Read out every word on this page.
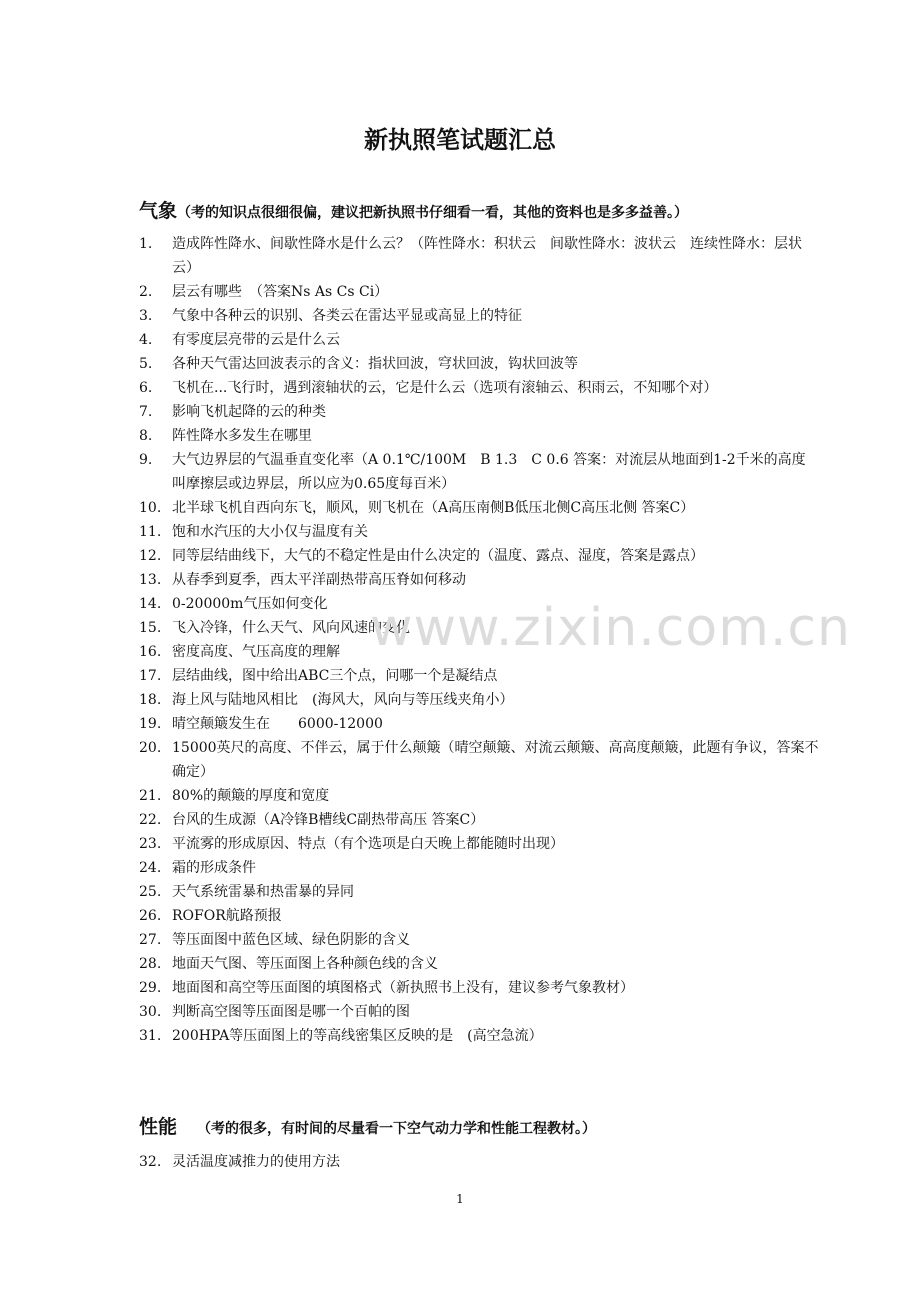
新执照笔试题汇总
气象（考的知识点很细很偏，建议把新执照书仔细看一看，其他的资料也是多多益善。）
1.	造成阵性降水、间歇性降水是什么云？（阵性降水：积状云　间歇性降水：波状云　连续性降水：层状云）
2.	层云有哪些　（答案Ns As Cs Ci）
3.	气象中各种云的识别、各类云在雷达平显或高显上的特征
4.	有零度层亮带的云是什么云
5.	各种天气雷达回波表示的含义：指状回波，穹状回波，钩状回波等
6.	飞机在...飞行时，遇到滚轴状的云，它是什么云（选项有滚轴云、积雨云，不知哪个对）
7.	影响飞机起降的云的种类
8.	阵性降水多发生在哪里
9.	大气边界层的气温垂直变化率（A 0.1℃/100M　B 1.3　C 0.6 答案：对流层从地面到1-2千米的高度叫摩擦层或边界层，所以应为0.65度每百米）
10. 北半球飞机自西向东飞，顺风，则飞机在（A高压南侧B低压北侧C高压北侧 答案C）
11. 饱和水汽压的大小仅与温度有关
12. 同等层结曲线下，大气的不稳定性是由什么决定的（温度、露点、湿度，答案是露点）
13. 从春季到夏季，西太平洋副热带高压脊如何移动
14. 0-20000m气压如何变化
15. 飞入冷锋，什么天气、风向风速的变化
16. 密度高度、气压高度的理解
17. 层结曲线，图中给出ABC三个点，问哪一个是凝结点
18. 海上风与陆地风相比　(海风大，风向与等压线夹角小）
19. 晴空颠簸发生在　　6000-12000
20. 15000英尺的高度、不伴云，属于什么颠簸（晴空颠簸、对流云颠簸、高高度颠簸，此题有争议，答案不确定）
21. 80%的颠簸的厚度和宽度
22. 台风的生成源（A冷锋B槽线C副热带高压 答案C）
23. 平流雾的形成原因、特点（有个选项是白天晚上都能随时出现）
24. 霜的形成条件
25. 天气系统雷暴和热雷暴的异同
26. ROFOR航路预报
27. 等压面图中蓝色区域、绿色阴影的含义
28. 地面天气图、等压面图上各种颜色线的含义
29. 地面图和高空等压面图的填图格式（新执照书上没有，建议参考气象教材）
30. 判断高空图等压面图是哪一个百帕的图
31. 200HPA等压面图上的等高线密集区反映的是　(高空急流）
www.zixin.com.cn
性能 （考的很多，有时间的尽量看一下空气动力学和性能工程教材。）
32. 灵活温度减推力的使用方法
1
